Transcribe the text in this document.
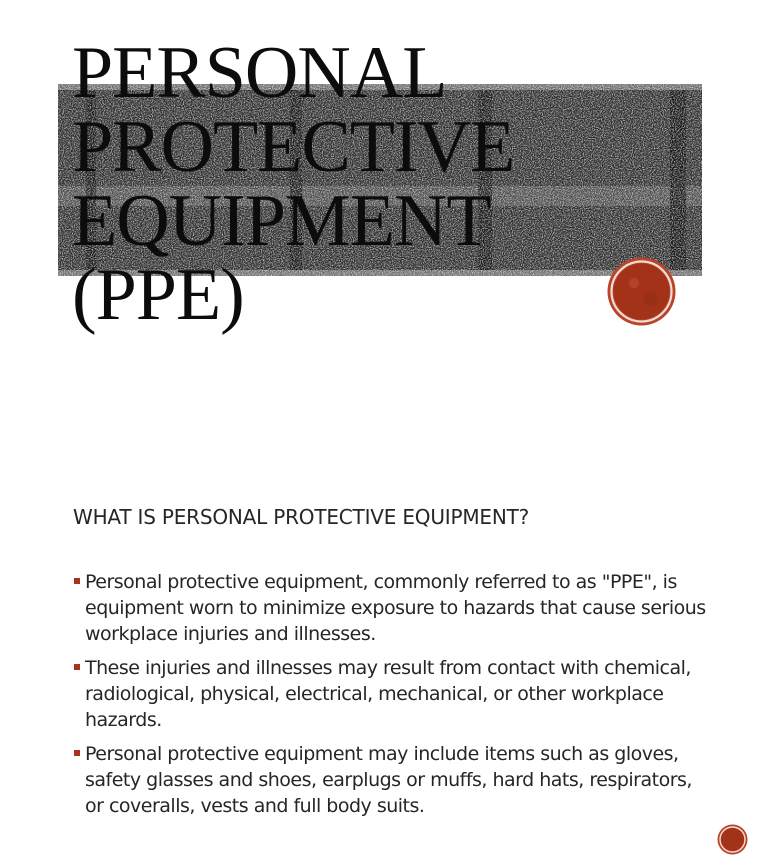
PERSONAL
PROTECTIVE
EQUIPMENT
(PPE)
WHAT IS PERSONAL PROTECTIVE EQUIPMENT?
Personal protective equipment, commonly referred to as "PPE", is equipment worn to minimize exposure to hazards that cause serious workplace injuries and illnesses.
These injuries and illnesses may result from contact with chemical, radiological, physical, electrical, mechanical, or other workplace hazards.
Personal protective equipment may include items such as gloves, safety glasses and shoes, earplugs or muffs, hard hats, respirators, or coveralls, vests and full body suits.
